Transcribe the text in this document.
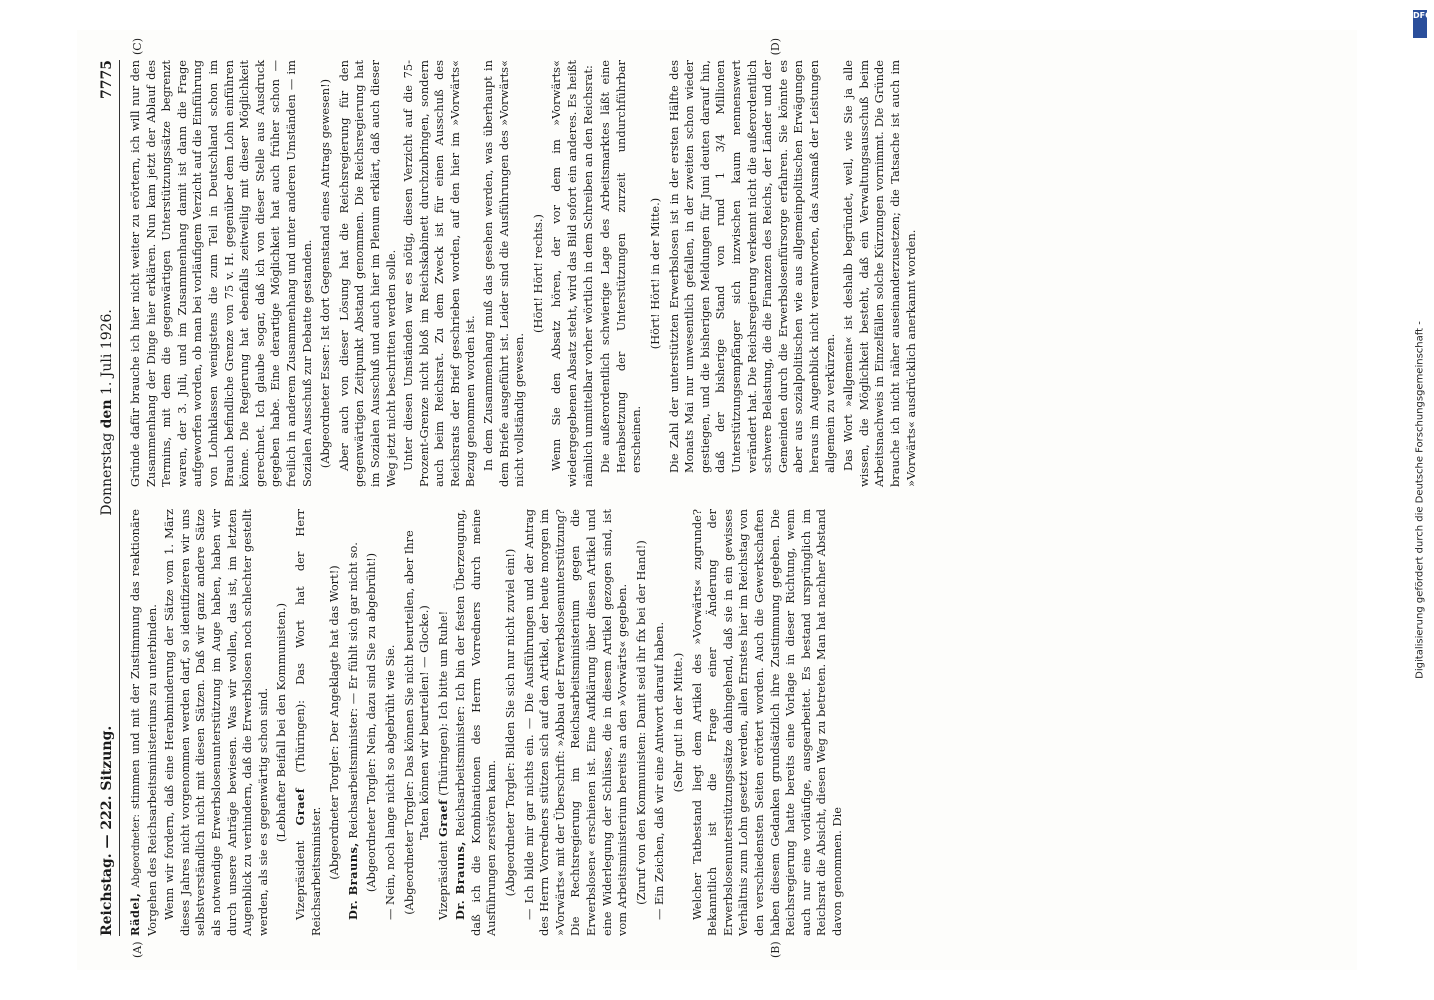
Reichstag. — 222. Sitzung.
Donnerstag den 1. Juli 1926.
7775
(A)	(B)

Rädel, Abgeordneter: stimmen und mit der Zustimmung das reaktionäre Vorgehen des Reichsarbeitsministeriums zu unterbinden. Wenn wir fordern, daß eine Herabminderung der Sätze vom 1. März dieses Jahres nicht vorgenommen werden darf, so identifizieren wir uns selbstverständlich nicht mit diesen Sätzen. Daß wir ganz andere Sätze als notwendige Erwerbslosenunterstützung im Auge haben, haben wir durch unsere Anträge bewiesen. Was wir wollen, das ist, im letzten Augenblick zu verhindern, daß die Erwerbslosen noch schlechter gestellt werden, als sie es gegenwärtig schon sind. (Lebhafter Beifall bei den Kommunisten.)

Vizepräsident Graef (Thüringen): Das Wort hat der Herr Reichsarbeitsminister. (Abgeordneter Torgler: Der Angeklagte hat das Wort!)

Dr. Brauns, Reichsarbeitsminister: — Er fühlt sich gar nicht so. (Abgeordneter Torgler: Nein, dazu sind Sie zu abgebrüht!) — Nein, noch lange nicht so abgebrüht wie Sie. (Abgeordneter Torgler: Das können Sie nicht beurteilen, aber Ihre Taten können wir beurteilen! — Glocke.)

Vizepräsident Graef (Thüringen): Ich bitte um Ruhe!

Dr. Brauns, Reichsarbeitsminister: Ich bin der festen Überzeugung, daß ich die Kombinationen des Herrn Vorredners durch meine Ausführungen zerstören kann. (Abgeordneter Torgler: Bilden Sie sich nur nicht zuviel ein!) — Ich bilde mir gar nichts ein. — Die Ausführungen und der Antrag des Herrn Vorredners stützen sich auf den Artikel, der heute morgen im »Vorwärts« mit der Überschrift: »Abbau der Erwerbslosenunterstützung? Die Rechtsregierung im Reichsarbeitsministerium gegen die Erwerbslosen« erschienen ist. Eine Aufklärung über diesen Artikel und eine Widerlegung der Schlüsse, die in diesem Artikel gezogen sind, ist vom Arbeitsministerium bereits an den »Vorwärts« gegeben. (Zuruf von den Kommunisten: Damit seid ihr fix bei der Hand!) — Ein Zeichen, daß wir eine Antwort darauf haben. (Sehr gut! in der Mitte.) Welcher Tatbestand liegt dem Artikel des »Vorwärts« zugrunde? Bekanntlich ist die Frage einer Änderung der Erwerbslosenunterstützungssätze dahingehend, daß sie in ein gewisses Verhältnis zum Lohn gesetzt werden, allen Ernstes hier im Reichstag von den verschiedensten Seiten erörtert worden. Auch die Gewerkschaften haben diesem Gedanken grundsätzlich ihre Zustimmung gegeben. Die Reichsregierung hatte bereits eine Vorlage in dieser Richtung, wenn auch nur eine vorläufige, ausgearbeitet. Es bestand ursprünglich im Reichsrat die Absicht, diesen Weg zu betreten. Man hat nachher Abstand davon genommen. Die

(C)	(D)

Gründe dafür brauche ich hier nicht weiter zu erörtern, ich will nur den Zusammenhang der Dinge hier erklären. Nun kam jetzt der Ablauf des Termins, mit dem die gegenwärtigen Unterstützungssätze begrenzt waren, der 3. Juli, und im Zusammenhang damit ist dann die Frage aufgeworfen worden, ob man bei vorläufigem Verzicht auf die Einführung von Lohnklassen wenigstens die zum Teil in Deutschland schon im Brauch befindliche Grenze von 75 v. H. gegenüber dem Lohn einführen könne. Die Regierung hat ebenfalls zeitweilig mit dieser Möglichkeit gerechnet. Ich glaube sogar, daß ich von dieser Stelle aus Ausdruck gegeben habe. Eine derartige Möglichkeit hat auch früher schon — freilich in anderem Zusammenhang und unter anderen Umständen — im Sozialen Ausschuß zur Debatte gestanden. (Abgeordneter Esser: Ist dort Gegenstand eines Antrags gewesen!) Aber auch von dieser Lösung hat die Reichsregierung für den gegenwärtigen Zeitpunkt Abstand genommen. Die Reichsregierung hat im Sozialen Ausschuß und auch hier im Plenum erklärt, daß auch dieser Weg jetzt nicht beschritten werden solle. Unter diesen Umständen war es nötig, diesen Verzicht auf die 75-Prozent-Grenze nicht bloß im Reichskabinett durchzubringen, sondern auch beim Reichsrat. Zu dem Zweck ist für einen Ausschuß des Reichsrats der Brief geschrieben worden, auf den hier im »Vorwärts« Bezug genommen worden ist. In dem Zusammenhang muß das gesehen werden, was überhaupt in dem Briefe ausgeführt ist. Leider sind die Ausführungen des »Vorwärts« nicht vollständig gewesen.

(Hört! Hört! rechts.) Wenn Sie den Absatz hören, der vor dem im »Vorwärts« wiedergegebenen Absatz steht, wird das Bild sofort ein anderes. Es heißt nämlich unmittelbar vorher wörtlich in dem Schreiben an den Reichsrat: Die außerordentlich schwierige Lage des Arbeitsmarktes läßt eine Herabsetzung der Unterstützungen zurzeit undurchführbar erscheinen.

(Hört! Hört! in der Mitte.) Die Zahl der unterstützten Erwerbslosen ist in der ersten Hälfte des Monats Mai nur unwesentlich gefallen, in der zweiten schon wieder gestiegen, und die bisherigen Meldungen für Juni deuten darauf hin, daß der bisherige Stand von rund 1 3/4 Millionen Unterstützungsempfänger sich inzwischen kaum nennenswert verändert hat. Die Reichsregierung verkennt nicht die außerordentlich schwere Belastung, die die Finanzen des Reichs, der Länder und der Gemeinden durch die Erwerbslosenfürsorge erfahren. Sie könnte es aber aus sozialpolitischen wie aus allgemeinpolitischen Erwägungen heraus im Augenblick nicht verantworten, das Ausmaß der Leistungen allgemein zu verkürzen. Das Wort »allgemein« ist deshalb begründet, weil, wie Sie ja alle wissen, die Möglichkeit besteht, daß ein Verwaltungsausschuß beim Arbeitsnachweis in Einzelfällen solche Kürzungen vornimmt. Die Gründe brauche ich nicht näher auseinanderzusetzen; die Tatsache ist auch im »Vorwärts« ausdrücklich anerkannt worden.

DFG
Digitalisierung gefördert durch die Deutsche Forschungsgemeinschaft -
